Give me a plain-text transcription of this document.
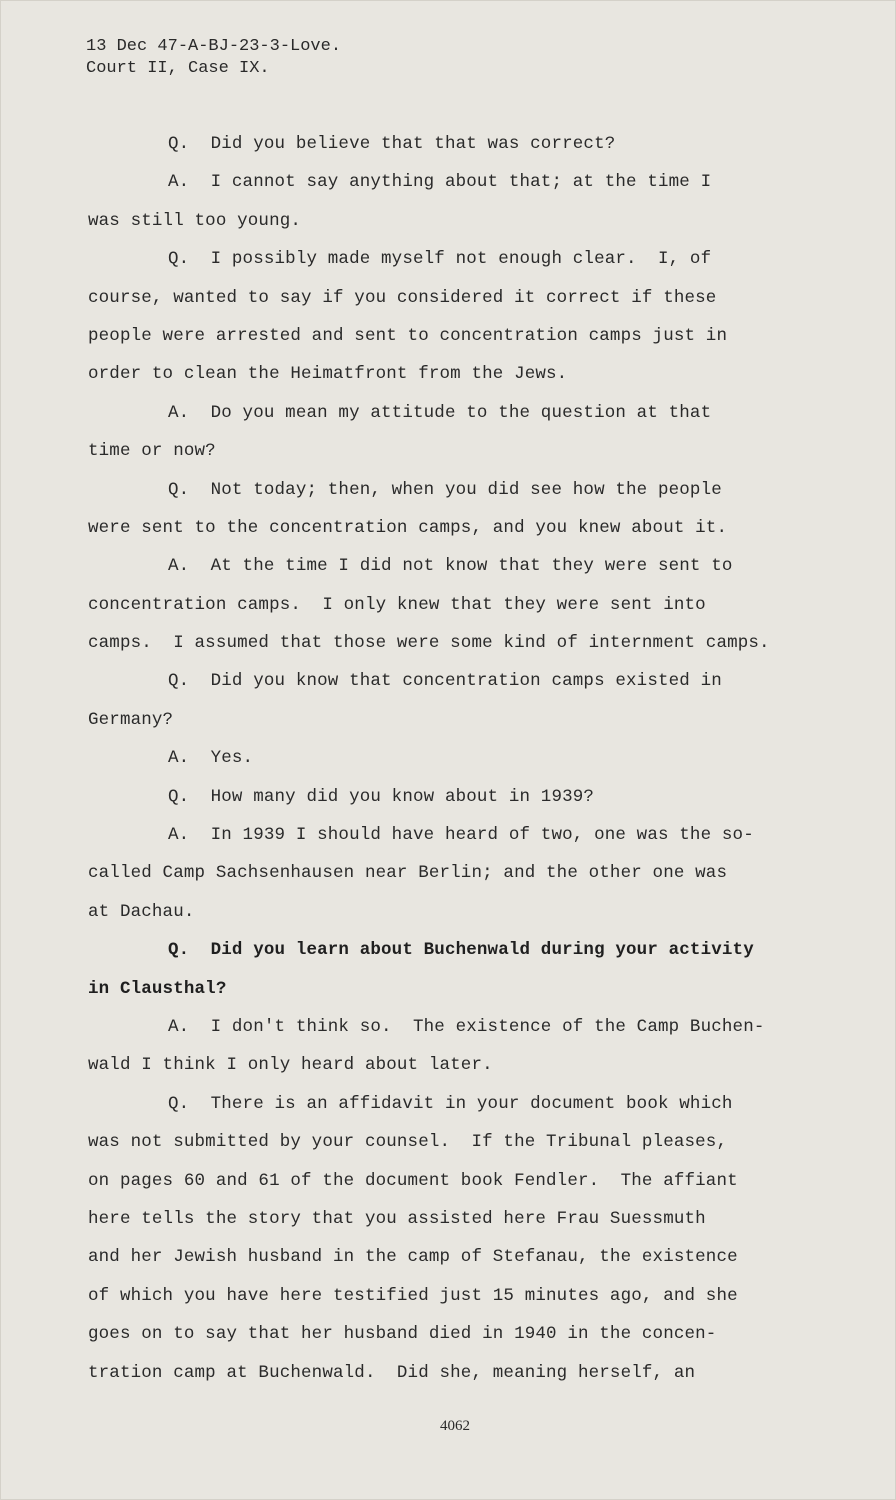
13 Dec 47-A-BJ-23-3-Love.
Court II, Case IX.
Q.  Did you believe that that was correct?
A.  I cannot say anything about that; at the time I
was still too young.
Q.  I possibly made myself not enough clear.  I, of
course, wanted to say if you considered it correct if these
people were arrested and sent to concentration camps just in
order to clean the Heimatfront from the Jews.
A.  Do you mean my attitude to the question at that
time or now?
Q.  Not today; then, when you did see how the people
were sent to the concentration camps, and you knew about it.
A.  At the time I did not know that they were sent to
concentration camps.  I only knew that they were sent into
camps.  I assumed that those were some kind of internment camps.
Q.  Did you know that concentration camps existed in
Germany?
A.  Yes.
Q.  How many did you know about in 1939?
A.  In 1939 I should have heard of two, one was the so-
called Camp Sachsenhausen near Berlin; and the other one was
at Dachau.
Q.  Did you learn about Buchenwald during your activity
in Clausthal?
A.  I don't think so.  The existence of the Camp Buchen-
wald I think I only heard about later.
Q.  There is an affidavit in your document book which
was not submitted by your counsel.  If the Tribunal pleases,
on pages 60 and 61 of the document book Fendler.  The affiant
here tells the story that you assisted here Frau Suessmuth
and her Jewish husband in the camp of Stefanau, the existence
of which you have here testified just 15 minutes ago, and she
goes on to say that her husband died in 1940 in the concen-
tration camp at Buchenwald.  Did she, meaning herself, an
4062
